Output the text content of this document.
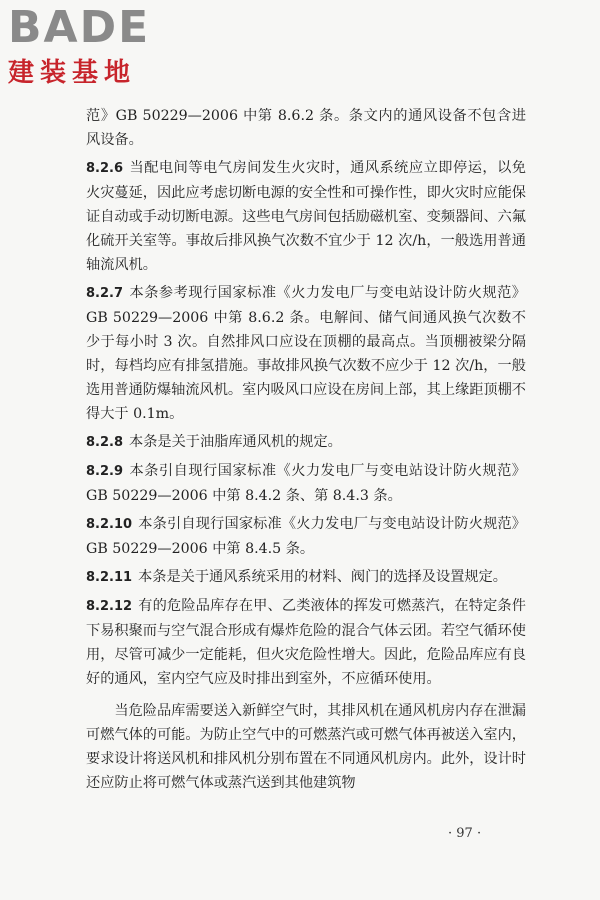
BADE
建装基地

范》GB 50229—2006 中第 8.6.2 条。条文内的通风设备不包含进风设备。

8.2.6 当配电间等电气房间发生火灾时，通风系统应立即停运，以免火灾蔓延，因此应考虑切断电源的安全性和可操作性，即火灾时应能保证自动或手动切断电源。这些电气房间包括励磁机室、变频器间、六氟化硫开关室等。事故后排风换气次数不宜少于 12 次/h，一般选用普通轴流风机。

8.2.7 本条参考现行国家标准《火力发电厂与变电站设计防火规范》GB 50229—2006 中第 8.6.2 条。电解间、储气间通风换气次数不少于每小时 3 次。自然排风口应设在顶棚的最高点。当顶棚被梁分隔时，每档均应有排氢措施。事故排风换气次数不应少于 12 次/h，一般选用普通防爆轴流风机。室内吸风口应设在房间上部，其上缘距顶棚不得大于 0.1m。

8.2.8 本条是关于油脂库通风机的规定。

8.2.9 本条引自现行国家标准《火力发电厂与变电站设计防火规范》GB 50229—2006 中第 8.4.2 条、第 8.4.3 条。

8.2.10 本条引自现行国家标准《火力发电厂与变电站设计防火规范》GB 50229—2006 中第 8.4.5 条。

8.2.11 本条是关于通风系统采用的材料、阀门的选择及设置规定。

8.2.12 有的危险品库存在甲、乙类液体的挥发可燃蒸汽，在特定条件下易积聚而与空气混合形成有爆炸危险的混合气体云团。若空气循环使用，尽管可减少一定能耗，但火灾危险性增大。因此，危险品库应有良好的通风，室内空气应及时排出到室外，不应循环使用。

当危险品库需要送入新鲜空气时，其排风机在通风机房内存在泄漏可燃气体的可能。为防止空气中的可燃蒸汽或可燃气体再被送入室内，要求设计将送风机和排风机分别布置在不同通风机房内。此外，设计时还应防止将可燃气体或蒸汽送到其他建筑物

· 97 ·
